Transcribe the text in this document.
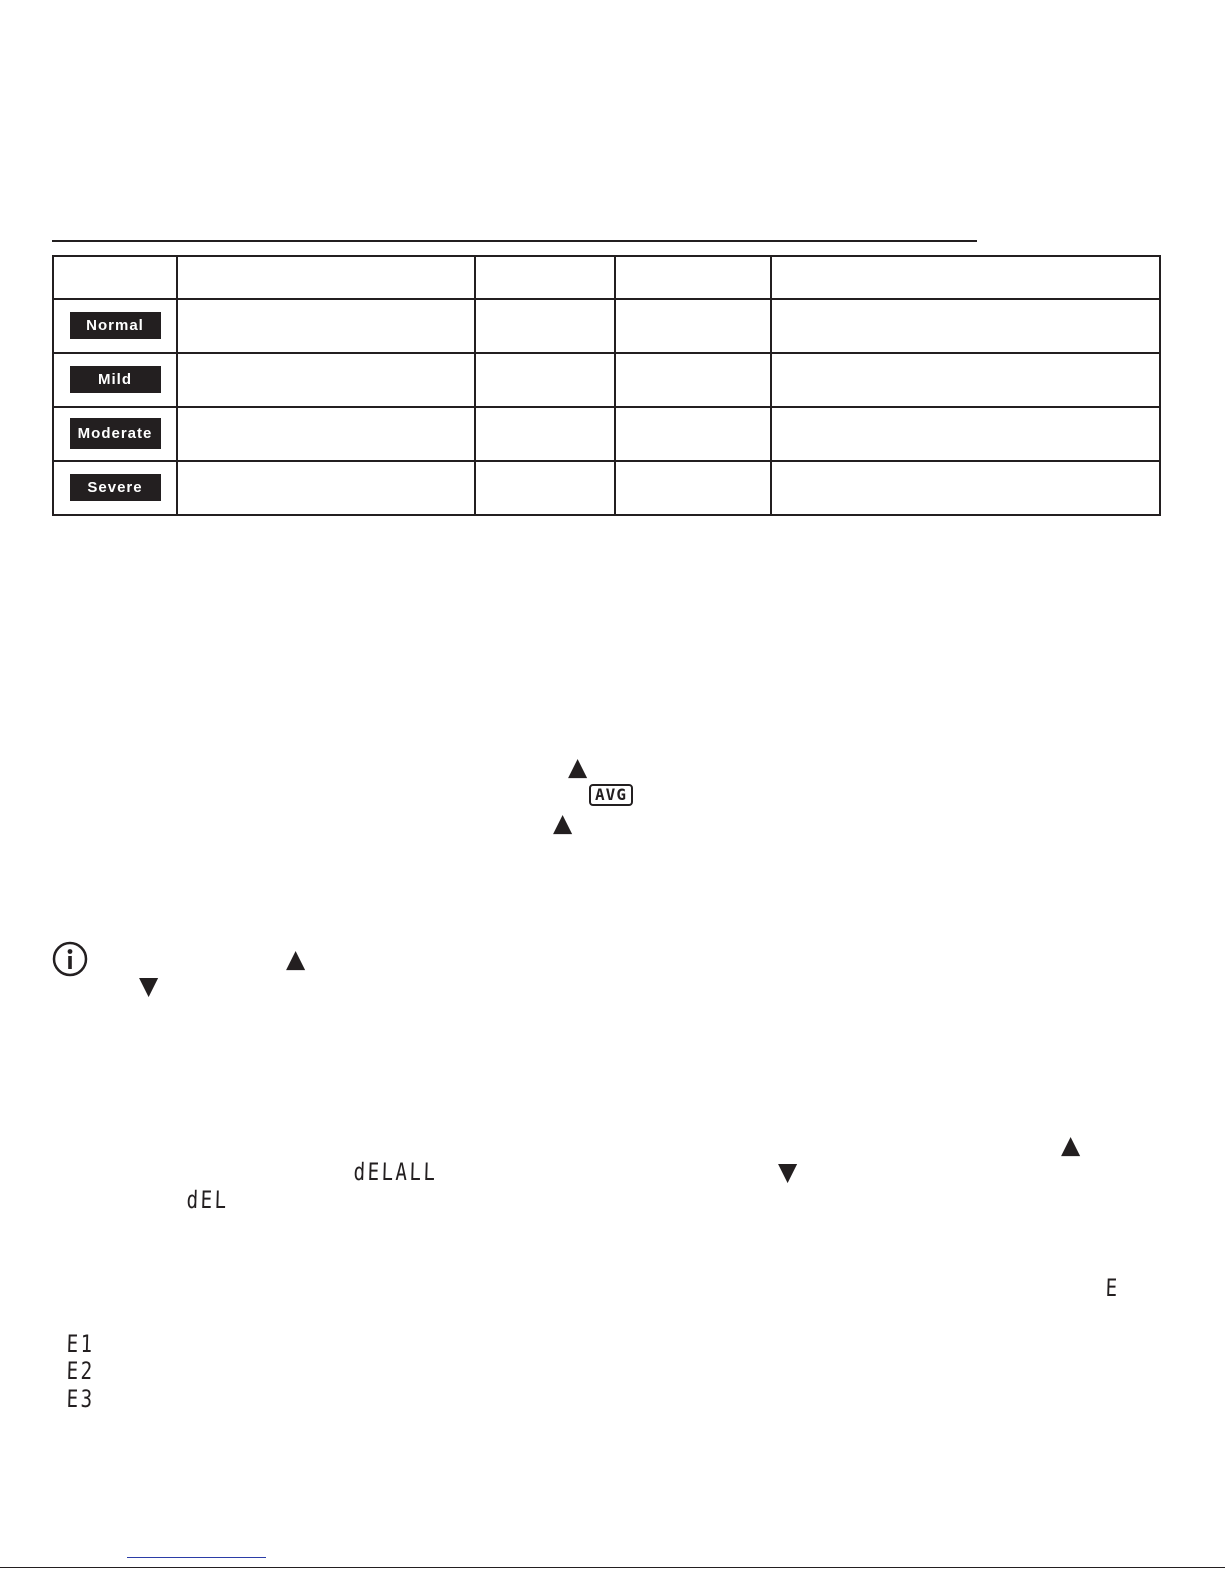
Normal				
Mild				
Moderate				
Severe				
▲
AVG
▲
▲
▼
▲
dELALL	▼
dEL
E
E1
E2
E3
